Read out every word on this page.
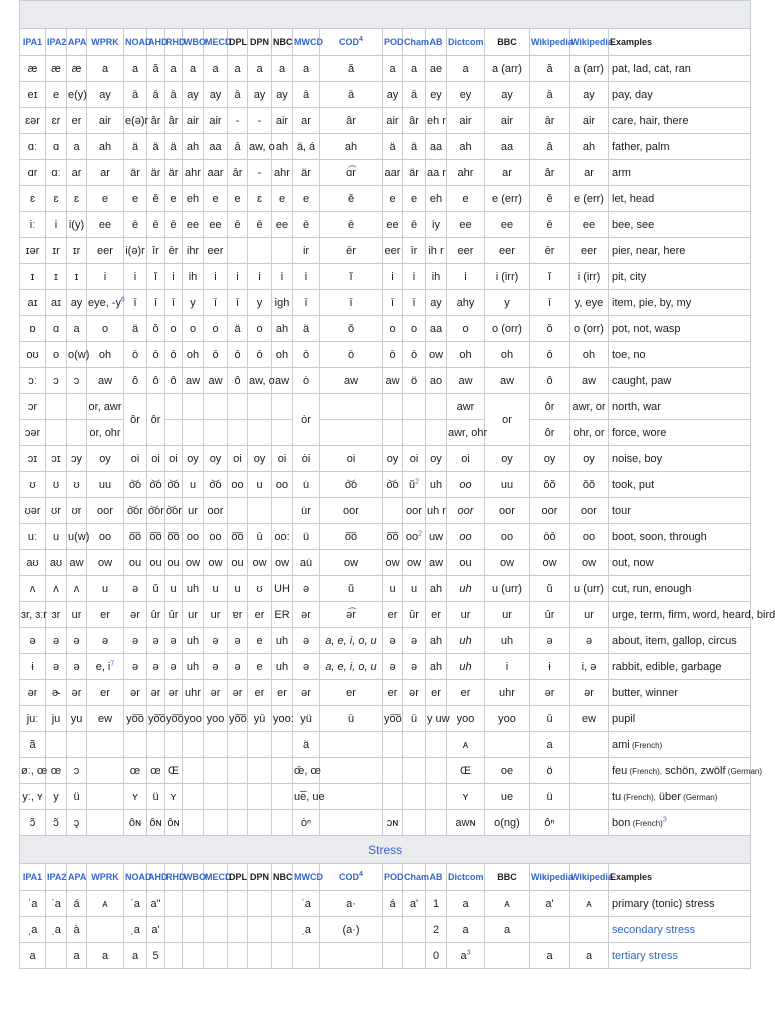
IPA1	IPA2	APA	WPRK	NOAD	AHD	RHD	WBO	MECD	DPL	DPN	NBC	MWCD	COD$^4$	POD	Cham	AB	Dictcom	BBC	Wikipedia	Wikipedia	Examples
æ	æ	æ	a	a	ă	a	a	a	a	a	a	a	ă	a	a	ae	a	a (arr)	ă	a (arr)	pat, lad, cat, ran
eɪ	e	e(y)	ay	ā	ā	ā	ay	ay	ā	ay	ay	ā	ā	ay	ā	ey	ey	ay	ā	ay	pay, day
ɛər	ɛr	er	air	e(ə)r	âr	âr	air	air	-	-	air	ar	âr	air	âr	eh r	air	air	ār	air	care, hair, there
ɑː	ɑ	a	ah	ä	ä	ä	ah	aa	ā	aw, o	ah	ä, á	ah	ä	ä	aa	ah	aa	â	ah	father, palm
ɑr	ɑː	ar	ar	är	är	är	ahr	aar	ār	-	ahr	är	ɑ͡r	aar	är	aa r	ahr	ar	âr	ar	arm
ɛ	ɛ	ɛ	e	e	ĕ	e	eh	e	e	ɛ	e	e	ĕ	e	e	eh	e	e (err)	ĕ	e (err)	let, head
iː	i	i(y)	ee	ē	ē	ē	ee	ee	ē	ē	ee	ē	ē	ee	ē	iy	ee	ee	ē	ee	bee, see
ɪər	ɪr	ɪr	eer	i(ə)r	îr	ēr	ihr	eer				ir	ēr	eer	īr	ih r	eer	eer	ēr	eer	pier, near, here
ɪ	ɪ	ɪ	i	i	ĭ	i	ih	i	i	i	i	i	ĭ	i	i	ih	i	i (irr)	ĭ	i (irr)	pit, city
aɪ	aɪ	ay	eye, $-y^6$	ī	ī	ī	y	ī	ī	y	igh	ī	ī	ī	ī	ay	ahy	y	ī	y, eye	item, pie, by, my
ɒ	ɑ	a	o	ä	ŏ	o	o	o	ä	o	ah	ä	ŏ	o	o	aa	o	o (orr)	ŏ	o (orr)	pot, not, wasp
oʊ	o	o(w)	oh	ō	ō	ō	oh	ō	ō	ō	oh	ō	ō	ō	ō	ow	oh	oh	ō	oh	toe, no
ɔː	ɔ	ɔ	aw	ô	ô	ô	aw	aw	ô	aw, o	aw	ȯ	aw	aw	ö	ao	aw	aw	ô	aw	caught, paw
ɔr			or, awr	ôr	ôr							ȯr					awr	or	ôr	awr, or	north, war
ɔər			or, ohr														awr, ohr		ôr	ohr, or	force, wore
ɔɪ	ɔɪ	ɔy	oy	oi	oi	oi	oy	oy	oi	oy	oi	ȯi	oi	oy	oi	oy	oi	oy	oy	oy	noise, boy
ʊ	ʊ	ʊ	uu	o͝o	o͝o	o͝o	u	o͝o	oo	u	oo	u̇	o͝o	o͝o	$ŭ^2$	uh	oo	uu	ŏŏ	ŏŏ	took, put
ʊər	ʊr	ʊr	oor	o͝or	o͝or	o͝or	ur	oor				u̇r	oor		oor	uh r	oor	oor	oor	oor	tour
uː	u	u(w)	oo	o͞o	o͞o	o͞o	oo	oo	o͞o	ū	oo:	ü	o͞o	o͞o	$oo^2$	uw	oo	oo	ōō	oo	boot, soon, through
aʊ	aʊ	aw	ow	ou	ou	ou	ow	ow	ou	ow	ow	au̇	ow	ow	ow	aw	ou	ow	ow	ow	out, now
ʌ	ʌ	ʌ	u	ə	ŭ	u	uh	u	u	ʊ	UH	ə	ŭ	u	u	ah	uh	u (urr)	ŭ	u (urr)	cut, run, enough
ɜr, ɜːr	ɜr	ur	er	ər	ûr	ûr	ur	ur	ɐr	er	ER	ər	ə͡r	er	ûr	er	ur	ur	ûr	ur	urge, term, firm, word, heard, bird
ə	ə	ə	ə	ə	ə	ə	uh	ə	ə	e	uh	ə	a, e, i, o, u	ə	ə	ah	uh	uh	ə	ə	about, item, gallop, circus
ɨ	ə	ə	e, $i^7$	ə	ə	ə	uh	ə	ə	e	uh	ə	a, e, i, o, u	ə	ə	ah	uh	i	ɨ	i, ə	rabbit, edible, garbage
ər	ɚ	ər	er	ər	ər	ər	uhr	ər	ər	er	er	ər	er	er	ər	er	er	uhr	ər	ər	butter, winner
juː	ju	yu	ew	yo͞o	yo͞o	yo͞o	yoo	yoo	yo͞o	yū	yoo:	yü	ū	yo͞o	ū	y uw	yoo	yoo	ū	ew	pupil
ã												ä					ᴀ		a		ami (French)
øː, œ	œ	ɔ		œ	œ	Œ						œ̄, œ					Œ	oe	ö		feu (French), schön, zwölf (German)
yː, ʏ	y	ü		ʏ	ü	ʏ						ue̅, ue					ʏ	ue	ü		tu (French), über (German)
ɔ̃	ɔ̃	ɔ̨		ôɴ	ôɴ	ôɴ						ȯⁿ		ɔɴ			awɴ	o(ng)	ôⁿ		bon (French)$^3$
Stress																					
IPA1	IPA2	APA	WPRK	NOAD	AHD	RHD	WBO	MECD	DPL	DPN	NBC	MWCD	COD$^4$	POD	Cham	AB	Dictcom	BBC	Wikipedia	Wikipedia	Examples
ˈa	ˈa	á	ᴀ	ˈa	a"							ˈa	a·	á	a'	1	a	ᴀ	a'	ᴀ	primary (tonic) stress
ˌa	ˌa	à		ˌa	a'							ˌa	(a·)			2	a	a			secondary stress
a		a	a	a	5											0	$a^3$		a	a	tertiary stress
